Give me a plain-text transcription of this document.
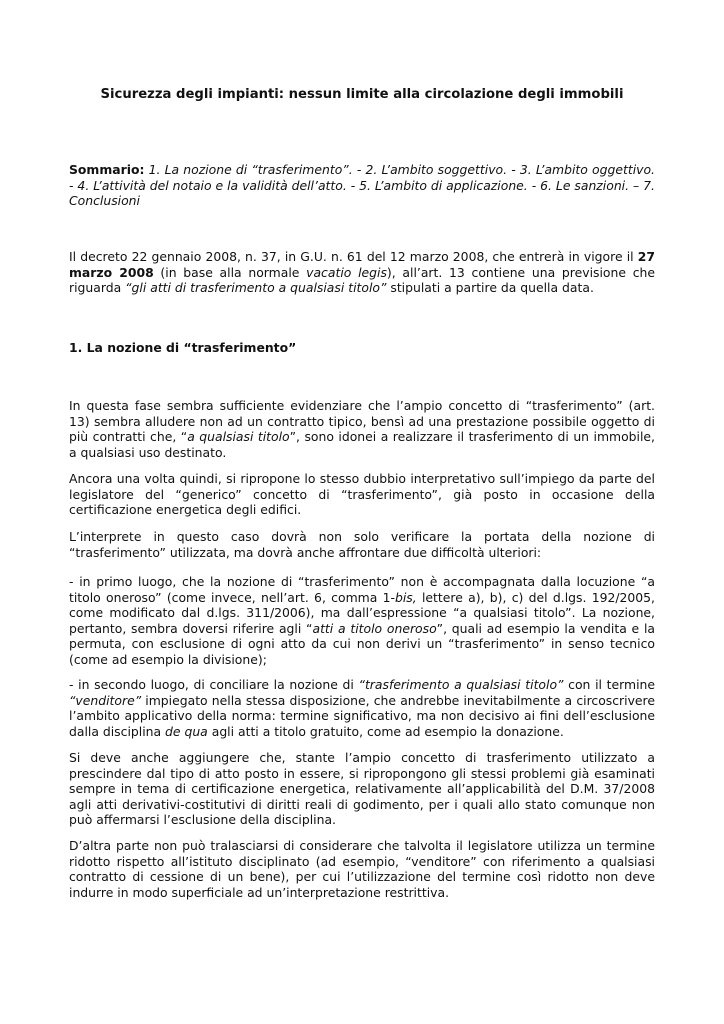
Sicurezza degli impianti: nessun limite alla circolazione degli immobili
Sommario: 1. La nozione di “trasferimento”. - 2. L’ambito soggettivo. - 3. L’ambito oggettivo. - 4. L’attività del notaio e la validità dell’atto. - 5. L’ambito di applicazione. - 6. Le sanzioni. – 7. Conclusioni

Il decreto 22 gennaio 2008, n. 37, in G.U. n. 61 del 12 marzo 2008, che entrerà in vigore il 27 marzo 2008 (in base alla normale vacatio legis), all’art. 13 contiene una previsione che riguarda “gli atti di trasferimento a qualsiasi titolo” stipulati a partire da quella data.

1. La nozione di “trasferimento”

In questa fase sembra sufficiente evidenziare che l’ampio concetto di “trasferimento” (art. 13) sembra alludere non ad un contratto tipico, bensì ad una prestazione possibile oggetto di più contratti che, “a qualsiasi titolo”, sono idonei a realizzare il trasferimento di un immobile, a qualsiasi uso destinato.

Ancora una volta quindi, si ripropone lo stesso dubbio interpretativo sull’impiego da parte del legislatore del “generico” concetto di “trasferimento”, già posto in occasione della certificazione energetica degli edifici.

L’interprete in questo caso dovrà non solo verificare la portata della nozione di “trasferimento” utilizzata, ma dovrà anche affrontare due difficoltà ulteriori:

- in primo luogo, che la nozione di “trasferimento” non è accompagnata dalla locuzione “a titolo oneroso” (come invece, nell’art. 6, comma 1-bis, lettere a), b), c) del d.lgs. 192/2005, come modificato dal d.lgs. 311/2006), ma dall’espressione “a qualsiasi titolo”. La nozione, pertanto, sembra doversi riferire agli “atti a titolo oneroso”, quali ad esempio la vendita e la permuta, con esclusione di ogni atto da cui non derivi un “trasferimento” in senso tecnico (come ad esempio la divisione);

- in secondo luogo, di conciliare la nozione di “trasferimento a qualsiasi titolo” con il termine “venditore” impiegato nella stessa disposizione, che andrebbe inevitabilmente a circoscrivere l’ambito applicativo della norma: termine significativo, ma non decisivo ai fini dell’esclusione dalla disciplina de qua agli atti a titolo gratuito, come ad esempio la donazione.

Si deve anche aggiungere che, stante l’ampio concetto di trasferimento utilizzato a prescindere dal tipo di atto posto in essere, si ripropongono gli stessi problemi già esaminati sempre in tema di certificazione energetica, relativamente all’applicabilità del D.M. 37/2008 agli atti derivativi-costitutivi di diritti reali di godimento, per i quali allo stato comunque non può affermarsi l’esclusione della disciplina.

D’altra parte non può tralasciarsi di considerare che talvolta il legislatore utilizza un termine ridotto rispetto all’istituto disciplinato (ad esempio, “venditore” con riferimento a qualsiasi contratto di cessione di un bene), per cui l’utilizzazione del termine così ridotto non deve indurre in modo superficiale ad un’interpretazione restrittiva.
